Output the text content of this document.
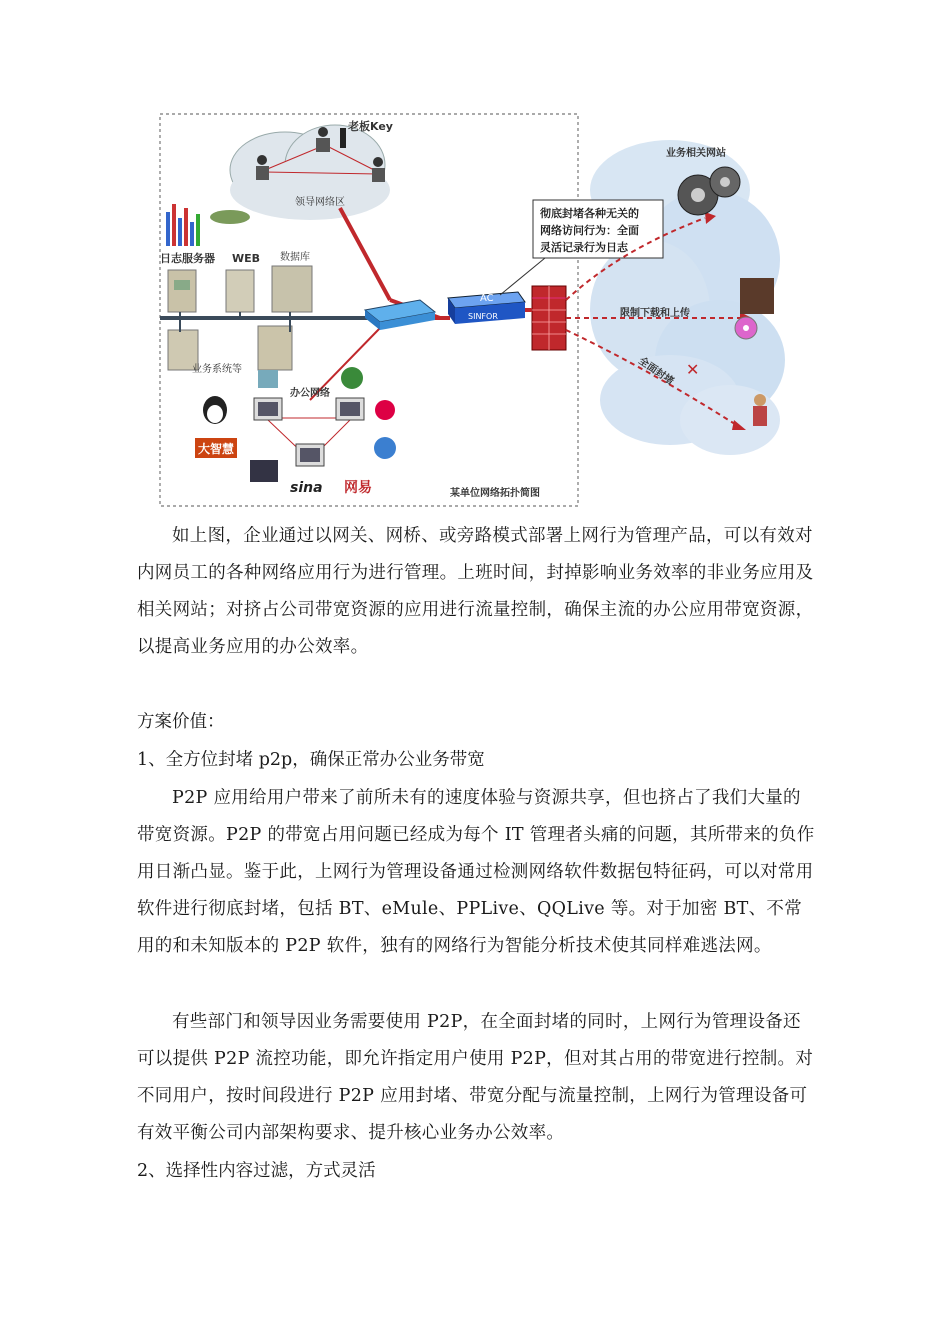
老板Key
领导网络区
日志服务器 WEB 数据库
业务系统等
AC
SINFOR
彻底封堵各种无关的
网络访问行为：全面
灵活记录行为日志
✕
业务相关网站
限制下载和上传
全面封堵
办公网络
大智慧
sina 网易	某单位网络拓扑简图

如上图，企业通过以网关、网桥、或旁路模式部署上网行为管理产品，可以有效对内网员工的各种网络应用行为进行管理。上班时间，封掉影响业务效率的非业务应用及相关网站；对挤占公司带宽资源的应用进行流量控制，确保主流的办公应用带宽资源，以提高业务应用的办公效率。

方案价值：

1、全方位封堵 p2p，确保正常办公业务带宽

P2P 应用给用户带来了前所未有的速度体验与资源共享，但也挤占了我们大量的带宽资源。P2P 的带宽占用问题已经成为每个 IT 管理者头痛的问题，其所带来的负作用日渐凸显。鉴于此，上网行为管理设备通过检测网络软件数据包特征码，可以对常用软件进行彻底封堵，包括 BT、eMule、PPLive、QQLive 等。对于加密 BT、不常用的和未知版本的 P2P 软件，独有的网络行为智能分析技术使其同样难逃法网。

有些部门和领导因业务需要使用 P2P，在全面封堵的同时，上网行为管理设备还可以提供 P2P 流控功能，即允许指定用户使用 P2P，但对其占用的带宽进行控制。对不同用户，按时间段进行 P2P 应用封堵、带宽分配与流量控制，上网行为管理设备可有效平衡公司内部架构要求、提升核心业务办公效率。

2、选择性内容过滤，方式灵活
